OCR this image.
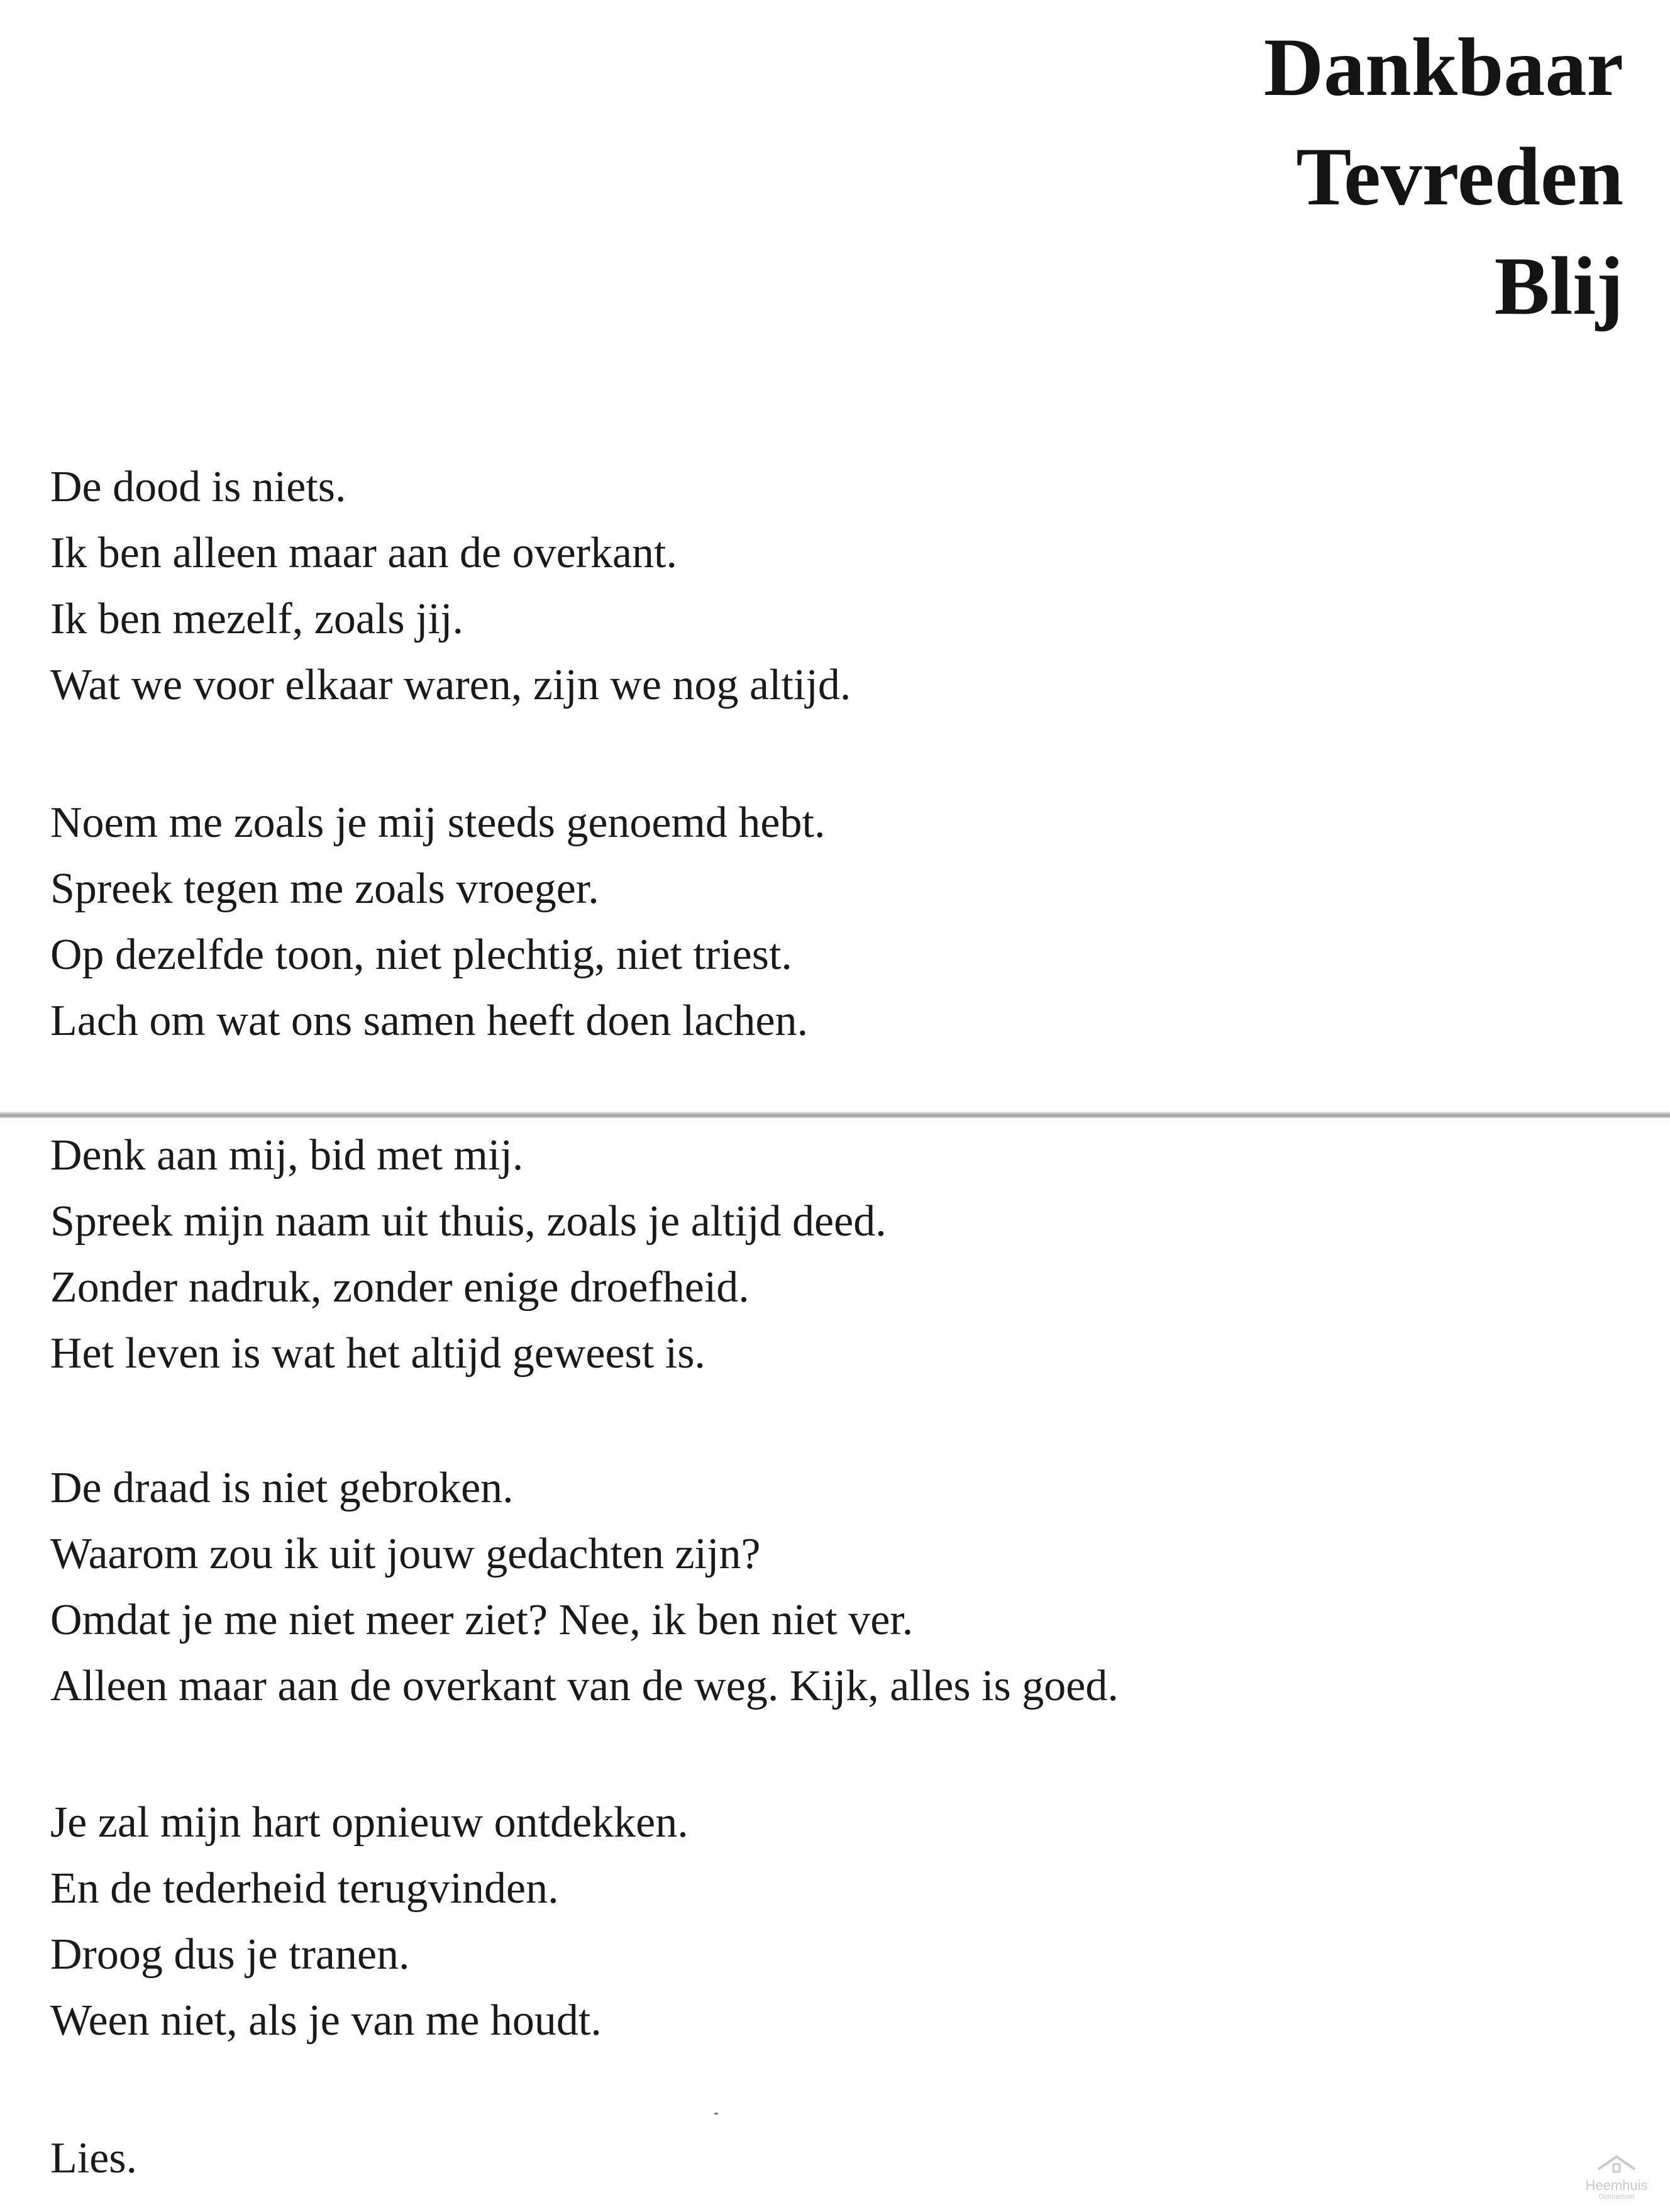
Dankbaar
Tevreden
Blij
De dood is niets.
Ik ben alleen maar aan de overkant.
Ik ben mezelf, zoals jij.
Wat we voor elkaar waren, zijn we nog altijd.
Noem me zoals je mij steeds genoemd hebt.
Spreek tegen me zoals vroeger.
Op dezelfde toon, niet plechtig, niet triest.
Lach om wat ons samen heeft doen lachen.
Denk aan mij, bid met mij.
Spreek mijn naam uit thuis, zoals je altijd deed.
Zonder nadruk, zonder enige droefheid.
Het leven is wat het altijd geweest is.
De draad is niet gebroken.
Waarom zou ik uit jouw gedachten zijn?
Omdat je me niet meer ziet? Nee, ik ben niet ver.
Alleen maar aan de overkant van de weg. Kijk, alles is goed.
Je zal mijn hart opnieuw ontdekken.
En de tederheid terugvinden.
Droog dus je tranen.
Ween niet, als je van me houdt.
Lies.
Heemhuis
Ootmarsum
